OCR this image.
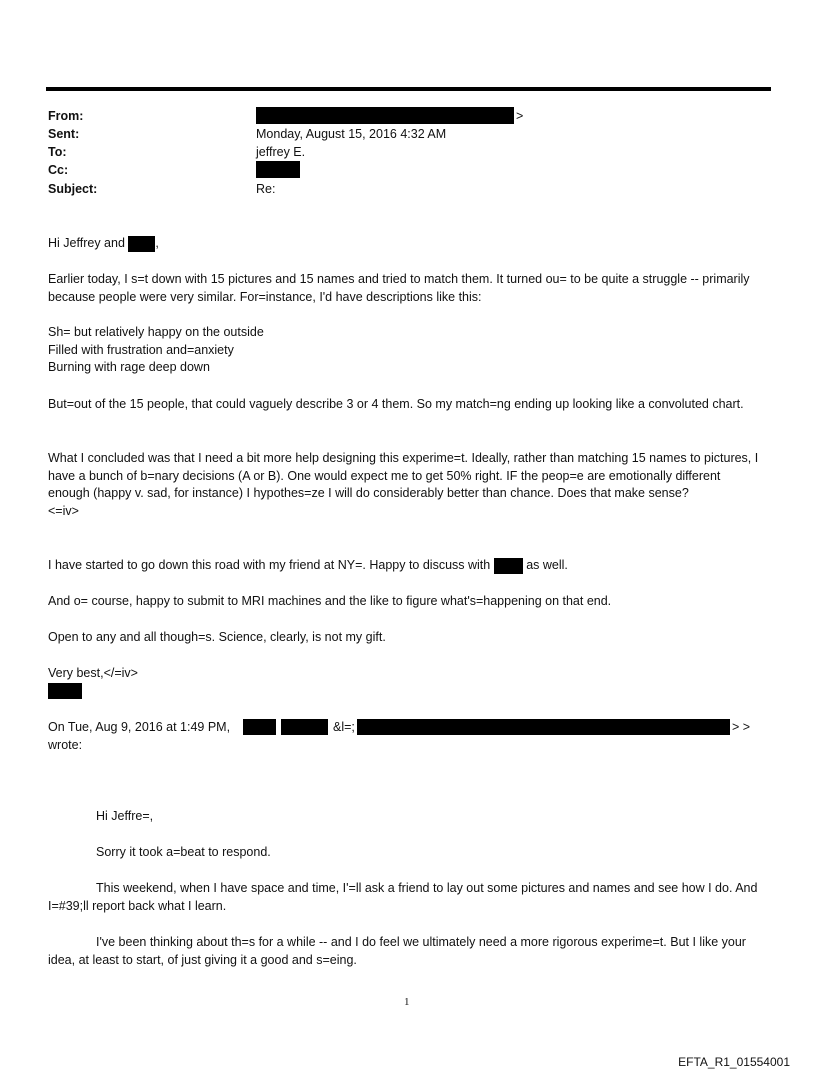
From:	>
Sent:	Monday, August 15, 2016 4:32 AM
To:	jeffrey E.
Cc:
Subject:	Re:
Hi Jeffrey and ,
Earlier today, I s=t down with 15 pictures and 15 names and tried to match them. It turned ou= to be quite a struggle -- primarily because people were very similar. For=instance, I'd have descriptions like this:

Sh= but relatively happy on the outside

Filled with frustration and=anxiety

Burning with rage deep down

But=out of the 15 people, that could vaguely describe 3 or 4 them. So my match=ng ending up looking like a convoluted chart.

What I concluded was that I need a bit more help designing this experime=t. Ideally, rather than matching 15 names to pictures, I have a bunch of b=nary decisions (A or B). One would expect me to get 50% right. IF the peop=e are emotionally different enough (happy v. sad, for instance) I hypothes=ze I will do considerably better than chance. Does that make sense?

<=iv>

I have started to go down this road with my friend at NY=. Happy to discuss with	as well.
And o= course, happy to submit to MRI machines and the like to figure what's=happening on that end.
Open to any and all though=s. Science, clearly, is not my gift.
Very best,</=iv>
On Tue, Aug 9, 2016 at 1:49 PM,	&l=;	> >
wrote:
Hi Jeffre=,
Sorry it took a=beat to respond.
This weekend, when I have space and time, I'=ll ask a friend to lay out some pictures and names and see how I do. And I=#39;ll report back what I learn.
I've been thinking about th=s for a while -- and I do feel we ultimately need a more rigorous experime=t. But I like your idea, at least to start, of just giving it a good and s=eing.
1
EFTA_R1_01554001
